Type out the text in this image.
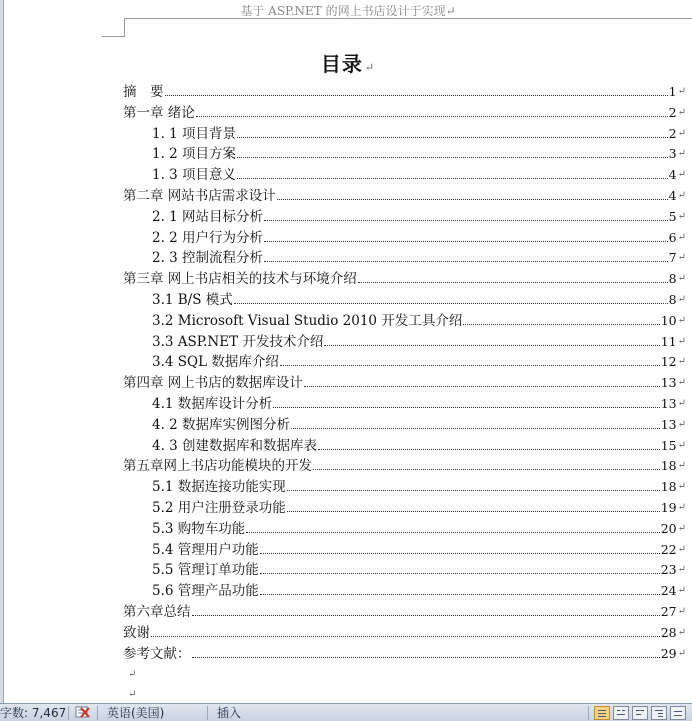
基于 ASP.NET 的网上书店设计于实现↵
目录 ↵
摘　要	1 ↵
第一章 绪论	2 ↵
1. 1 项目背景	2 ↵
1. 2 项目方案	3 ↵
1. 3 项目意义	4 ↵
第二章 网站书店需求设计	4 ↵
2. 1 网站目标分析	5 ↵
2. 2 用户行为分析	6 ↵
2. 3 控制流程分析	7 ↵
第三章 网上书店相关的技术与环境介绍	8 ↵
3.1 B/S 模式	8 ↵
3.2 Microsoft Visual Studio 2010 开发工具介绍	10 ↵
3.3 ASP.NET 开发技术介绍	11 ↵
3.4 SQL 数据库介绍	12 ↵
第四章 网上书店的数据库设计	13 ↵
4.1 数据库设计分析	13 ↵
4. 2 数据库实例图分析	13 ↵
4. 3 创建数据库和数据库表	15 ↵
第五章网上书店功能模块的开发	18 ↵
5.1 数据连接功能实现	18 ↵
5.2 用户注册登录功能	19 ↵
5.3 购物车功能	20 ↵
5.4 管理用户功能	22 ↵
5.5 管理订单功能	23 ↵
5.6 管理产品功能	24 ↵
第六章总结	27 ↵
致谢	28 ↵
参考文献：	29 ↵
↵
↵
字数: 7,467	英语(美国)	插入
